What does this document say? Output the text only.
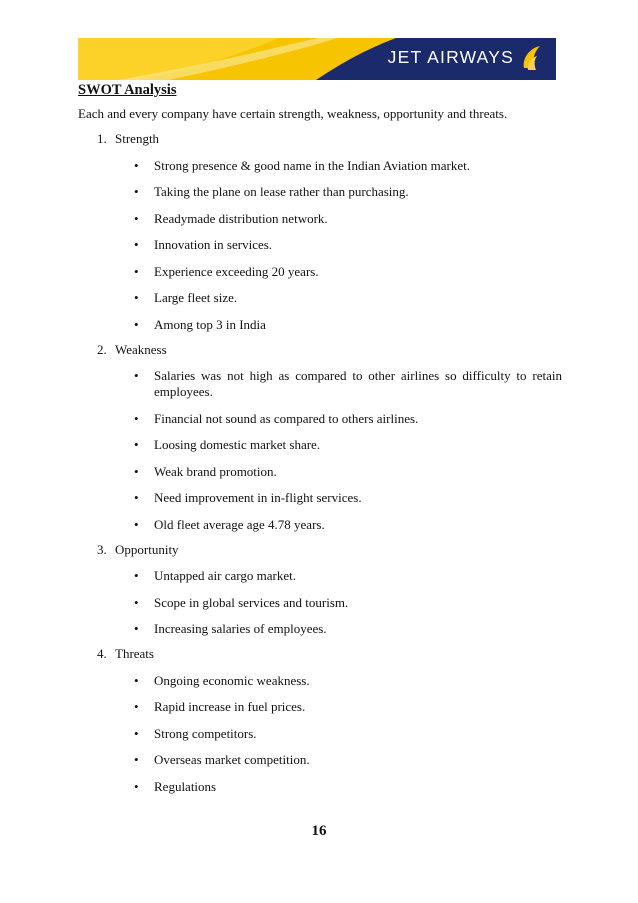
JET AIRWAYS
SWOT Analysis
Each and every company have certain strength, weakness, opportunity and threats.
1. Strength
• Strong presence & good name in the Indian Aviation market.
• Taking the plane on lease rather than purchasing.
• Readymade distribution network.
• Innovation in services.
• Experience exceeding 20 years.
• Large fleet size.
• Among top 3 in India
2. Weakness
• Salaries was not high as compared to other airlines so difficulty to retain employees.
• Financial not sound as compared to others airlines.
• Loosing domestic market share.
• Weak brand promotion.
• Need improvement in in-flight services.
• Old fleet average age 4.78 years.
3. Opportunity
• Untapped air cargo market.
• Scope in global services and tourism.
• Increasing salaries of employees.
4. Threats
• Ongoing economic weakness.
• Rapid increase in fuel prices.
• Strong competitors.
• Overseas market competition.
• Regulations
16
